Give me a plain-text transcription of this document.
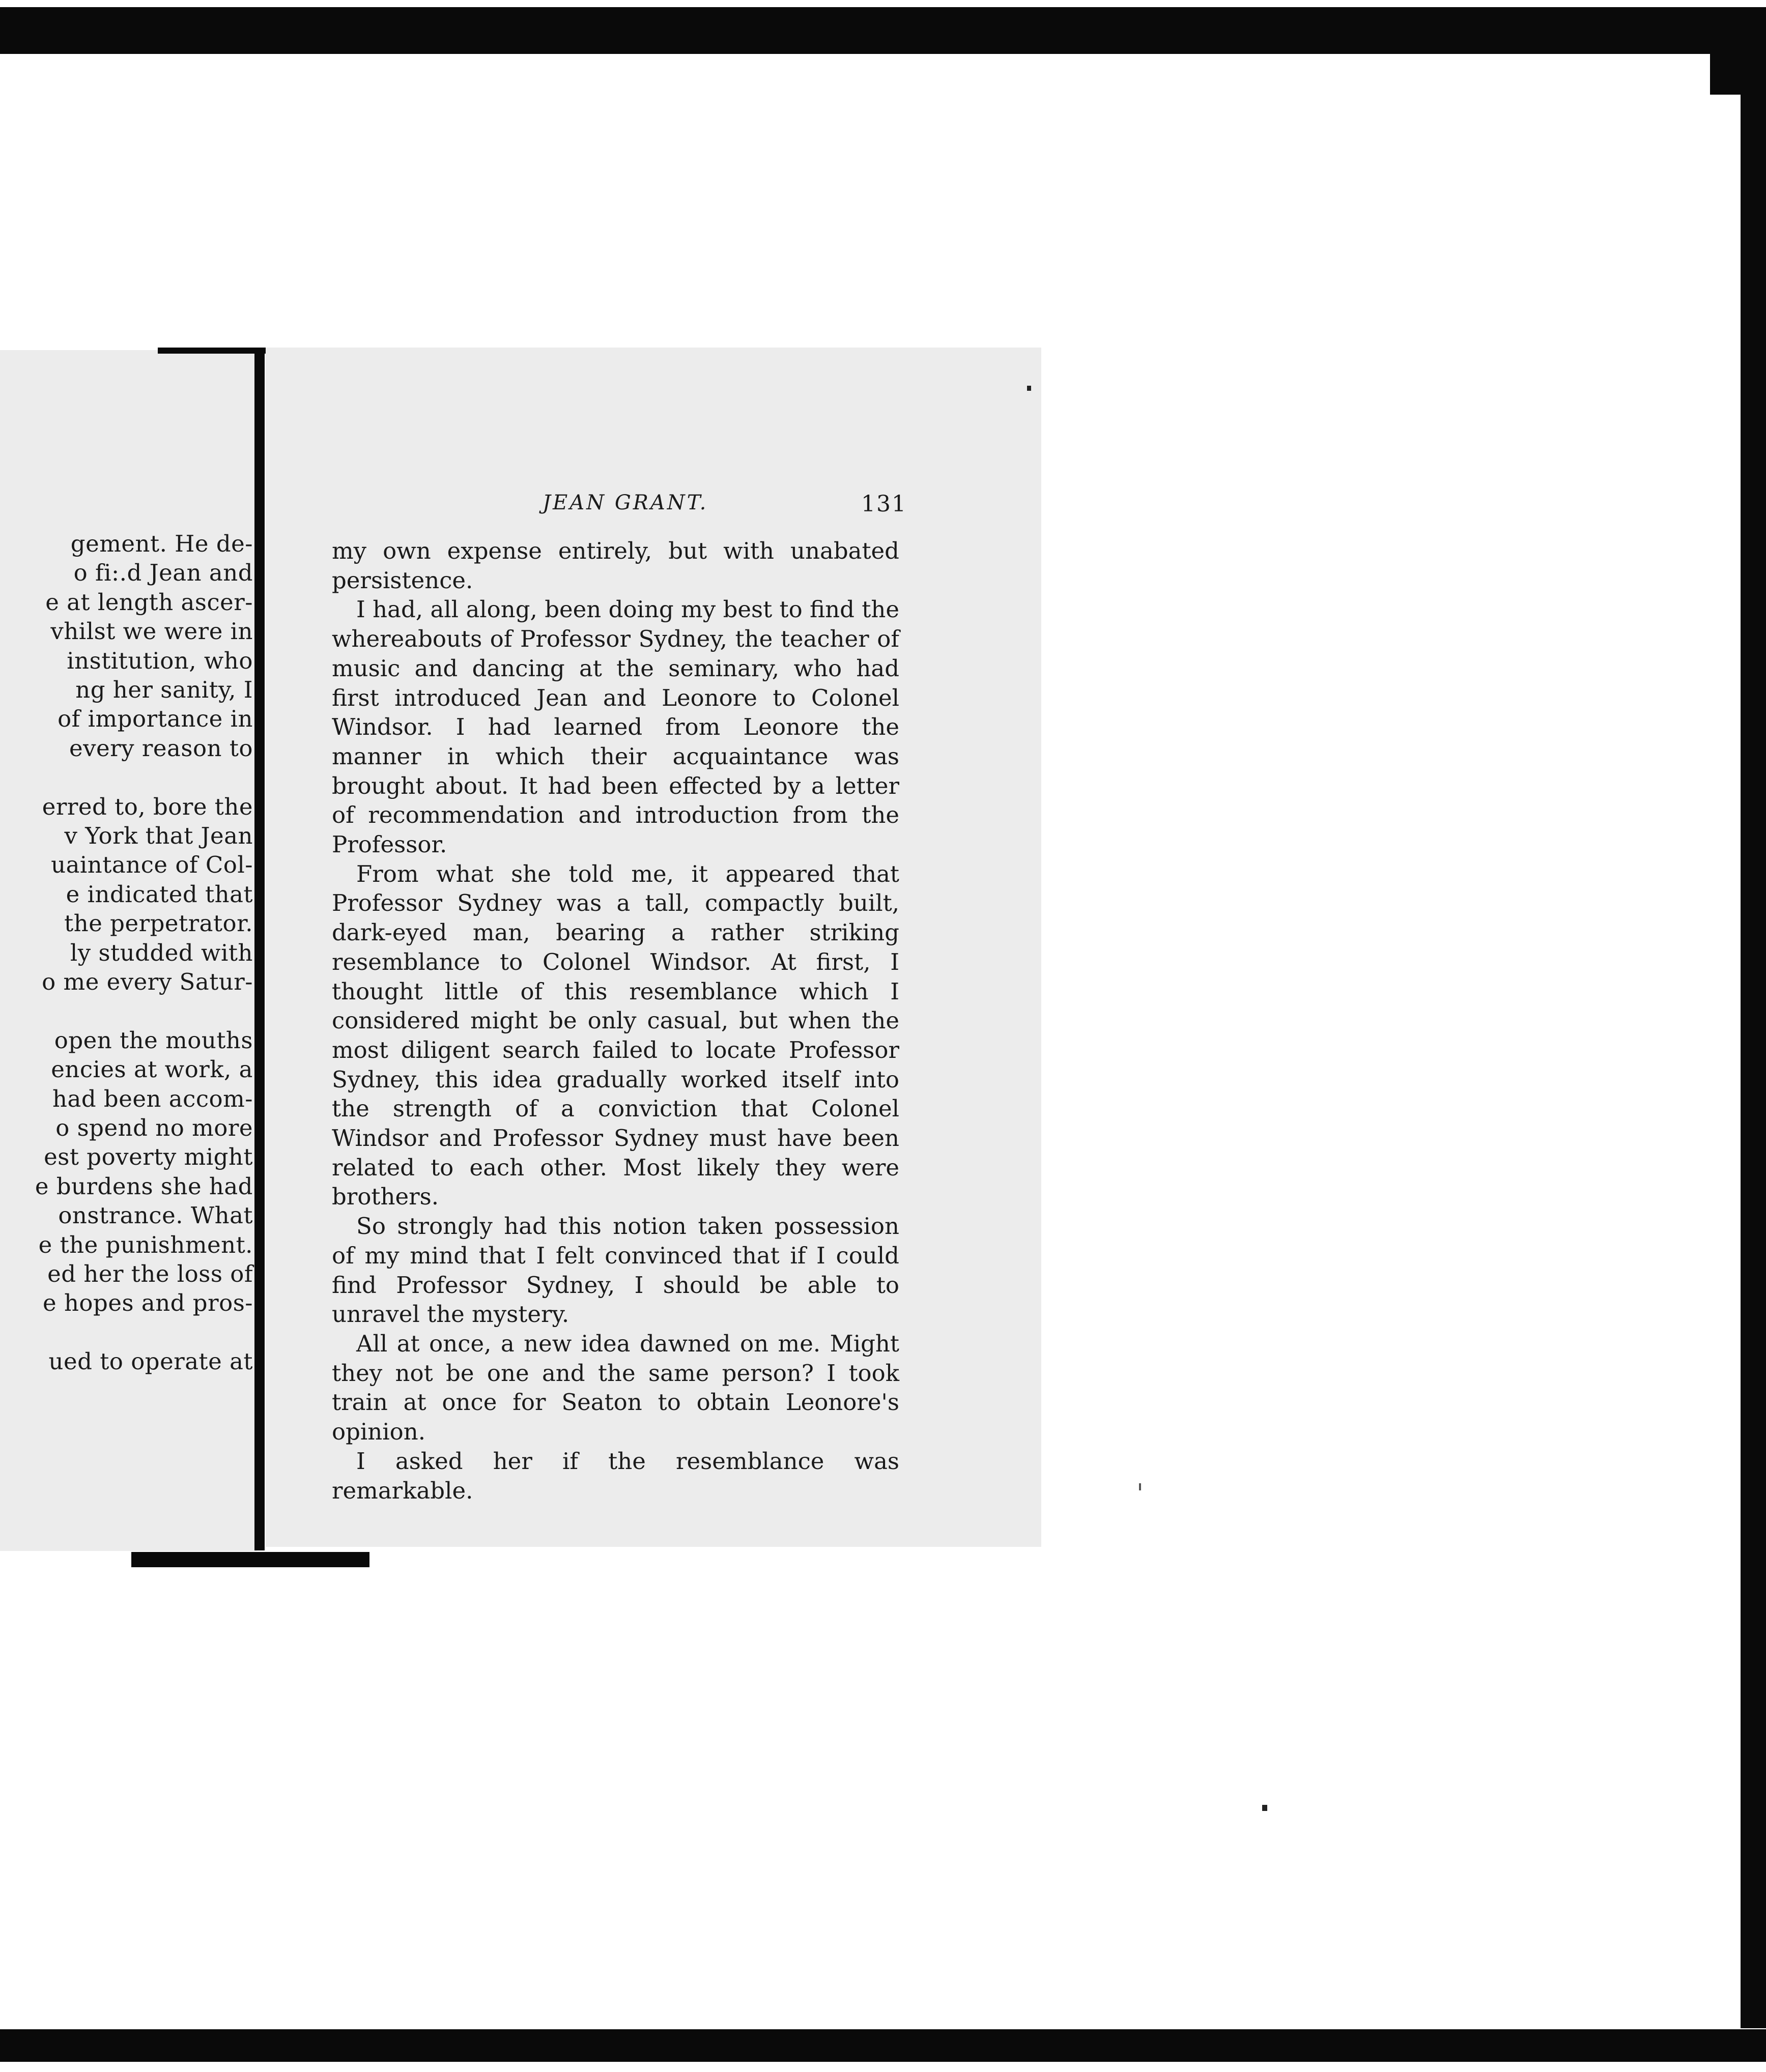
gement. He de-
o fi:.d Jean and
e at length ascer-
vhilst we were in
institution, who
ng her sanity, I
of importance in
every reason to
erred to, bore the
v York that Jean
uaintance of Col-
e indicated that
the perpetrator.
ly studded with
o me every Satur-
open the mouths
encies at work, a
had been accom-
o spend no more
est poverty might
e burdens she had
onstrance. What
e the punishment.
ed her the loss of
e hopes and pros-
ued to operate at
JEAN GRANT.	131

my own expense entirely, but with unabated persistence.

I had, all along, been doing my best to find the whereabouts of Professor Sydney, the teacher of music and dancing at the seminary, who had first introduced Jean and Leonore to Colonel Windsor. I had learned from Leonore the manner in which their acquaintance was brought about. It had been effected by a letter of recommendation and introduction from the Professor.

From what she told me, it appeared that Professor Sydney was a tall, compactly built, dark-eyed man, bearing a rather striking resemblance to Colonel Windsor. At first, I thought little of this resemblance which I considered might be only casual, but when the most diligent search failed to locate Professor Sydney, this idea gradually worked itself into the strength of a conviction that Colonel Windsor and Professor Sydney must have been related to each other. Most likely they were brothers.

So strongly had this notion taken possession of my mind that I felt convinced that if I could find Professor Sydney, I should be able to unravel the mystery.

All at once, a new idea dawned on me. Might they not be one and the same person? I took train at once for Seaton to obtain Leonore's opinion.

I asked her if the resemblance was remarkable.
